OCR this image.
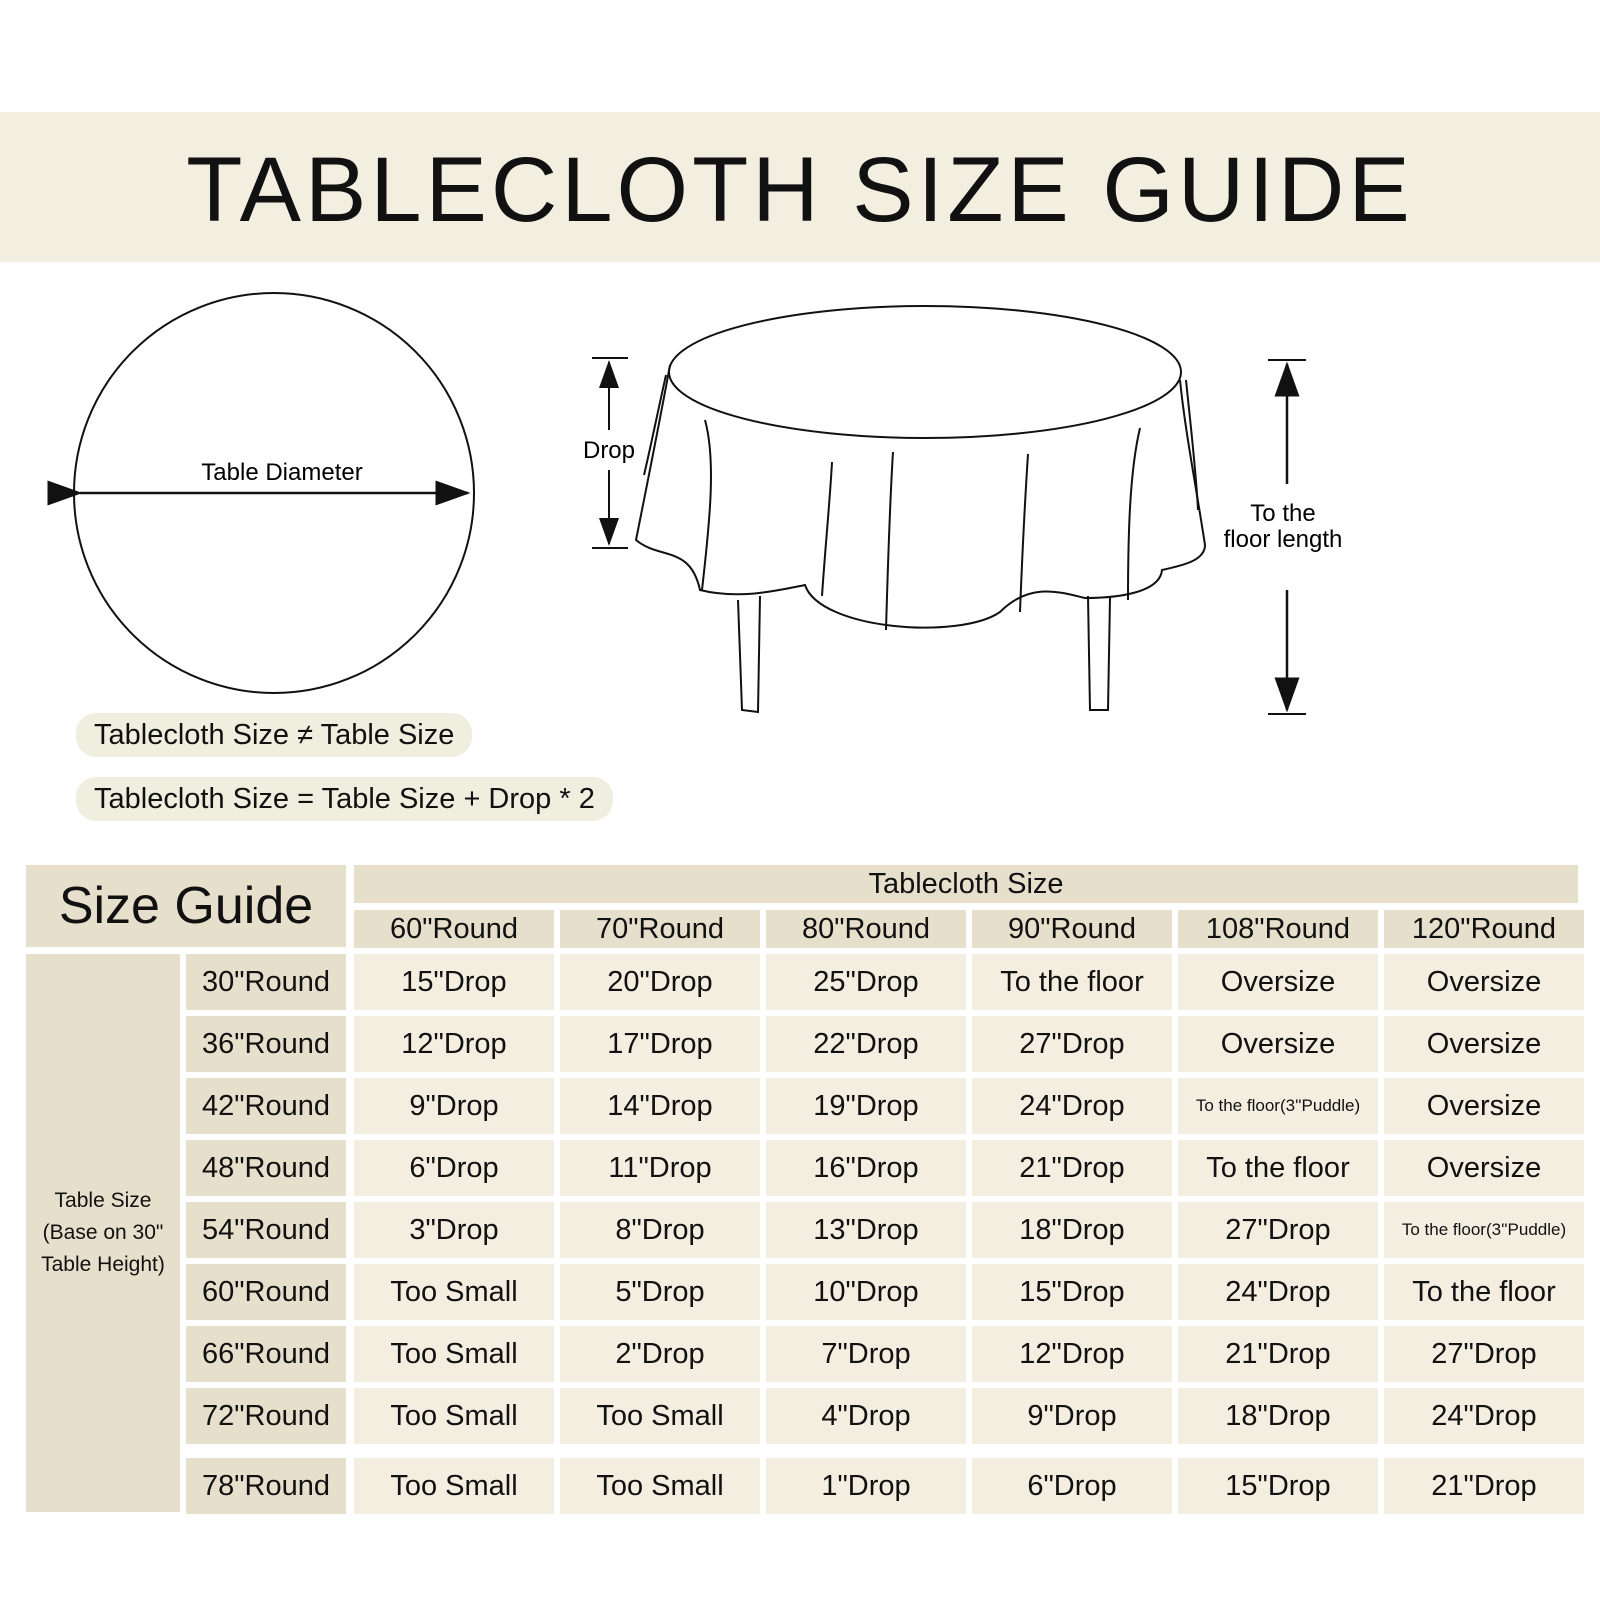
TABLECLOTH SIZE GUIDE
Table Diameter
Drop
To the
floor length
Tablecloth Size ≠ Table Size
Tablecloth Size = Table Size + Drop * 2
Size Guide	Tablecloth Size
Table Size
(Base on 30"
Table Height)
60"Round	70"Round	80"Round	90"Round	108"Round	120"Round
30"Round	15"Drop	20"Drop	25"Drop	To the floor	Oversize	Oversize
36"Round	12"Drop	17"Drop	22"Drop	27"Drop	Oversize	Oversize
42"Round	9"Drop	14"Drop	19"Drop	24"Drop	To the floor(3''Puddle)	Oversize
48"Round	6"Drop	11"Drop	16"Drop	21"Drop	To the floor	Oversize
54"Round	3"Drop	8"Drop	13"Drop	18"Drop	27"Drop	To the floor(3''Puddle)
60"Round	Too Small	5"Drop	10"Drop	15"Drop	24"Drop	To the floor
66"Round	Too Small	2"Drop	7"Drop	12"Drop	21"Drop	27"Drop
72"Round	Too Small	Too Small	4"Drop	9"Drop	18"Drop	24"Drop
78"Round	Too Small	Too Small	1"Drop	6"Drop	15"Drop	21"Drop
